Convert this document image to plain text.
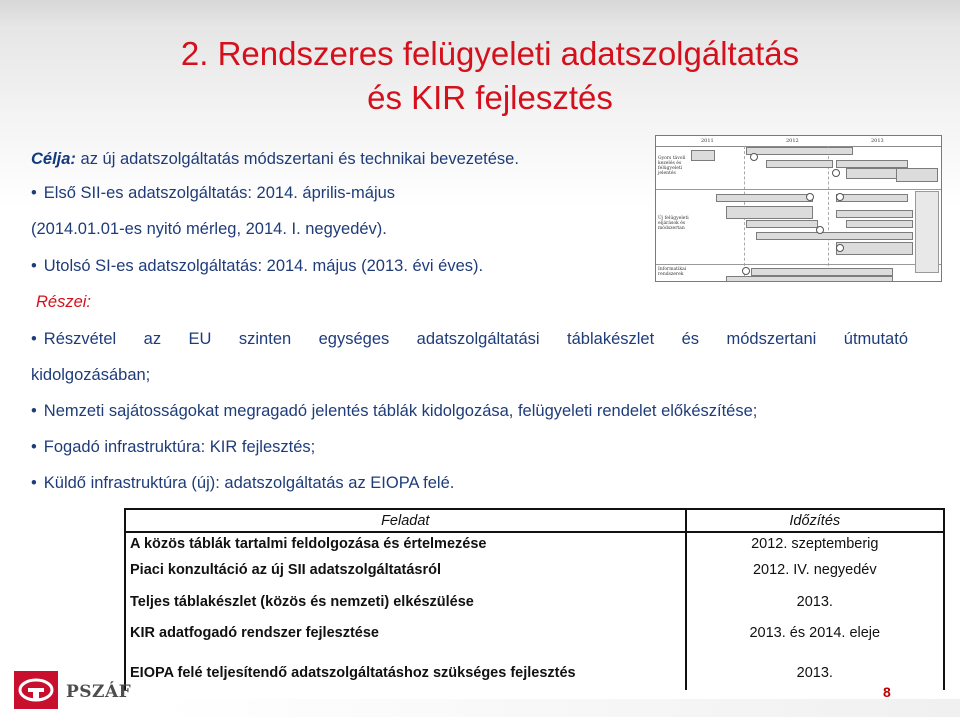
2. Rendszeres felügyeleti adatszolgáltatás
és KIR fejlesztés
Célja: az új adatszolgáltatás módszertani és technikai bevezetése.
• Első SII-es adatszolgáltatás: 2014. április-május
(2014.01.01-es nyitó mérleg, 2014. I. negyedév).
• Utolsó SI-es adatszolgáltatás: 2014. május (2013. évi éves).
2011	2012	2013
Gyors távoli kezelés és felügyeleti jelentés
Új felügyeleti eljárások és módszertan
Informatikai rendszerek
Részei:
• Részvétel az EU szinten egységes adatszolgáltatási táblakészlet és módszertani útmutató
kidolgozásában;
• Nemzeti sajátosságokat megragadó jelentés táblák kidolgozása, felügyeleti rendelet előkészítése;
• Fogadó infrastruktúra: KIR fejlesztés;
• Küldő infrastruktúra (új): adatszolgáltatás az EIOPA felé.
Feladat	Időzítés
A közös táblák tartalmi feldolgozása és értelmezése	2012. szeptemberig
Piaci konzultáció az új SII adatszolgáltatásról	2012. IV. negyedév
Teljes táblakészlet (közös és nemzeti) elkészülése	2013.
KIR adatfogadó rendszer fejlesztése	2013. és 2014. eleje
EIOPA felé teljesítendő adatszolgáltatáshoz szükséges fejlesztés	2013.
PSZÁF	8
